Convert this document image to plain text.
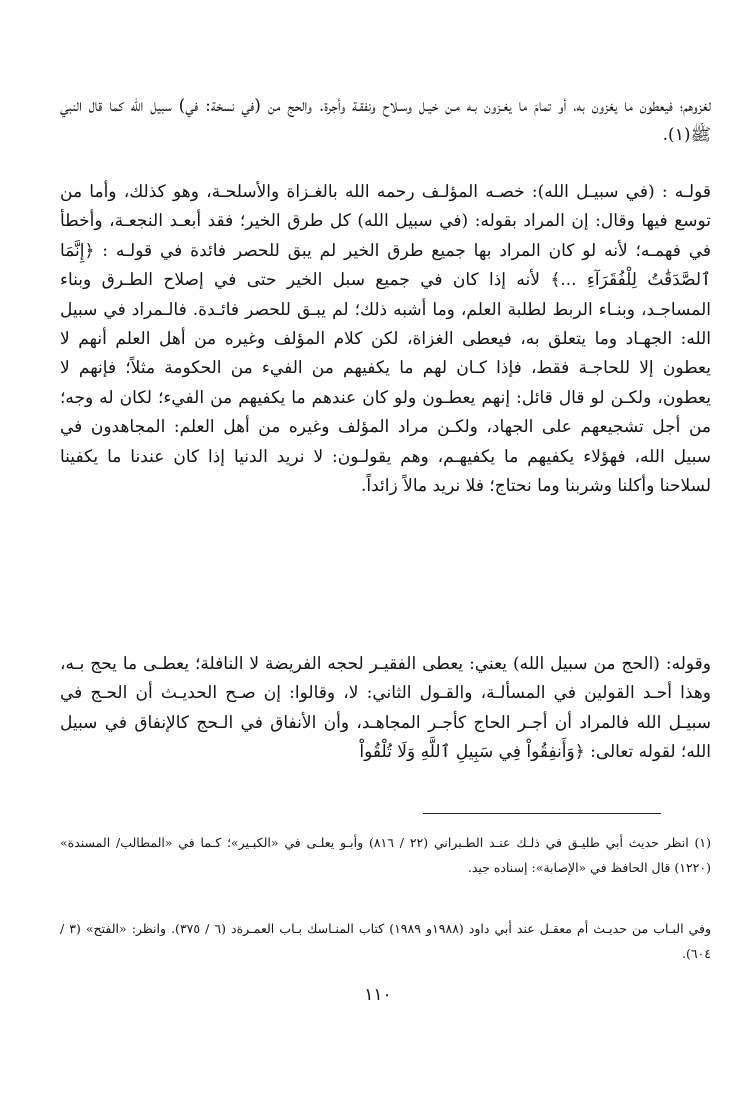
لغزوهم؛ فيعطون ما يغزون به، أو تمامَ ما يغـزون بـه مـن خيـل وسـلاح ونفقـة وأجرة. والحج من (في نسخة: في) سبيل الله كما قال النبي ﷺ(١).

قولـه : (في سبيـل الله): خصـه المؤلـف رحمه الله بالغـزاة والأسلحـة، وهو كذلك، وأما من توسع فيها وقال: إن المراد بقوله: (في سبيل الله) كل طرق الخير؛ فقد أبعـد النجعـة، وأخطأ في فهمـه؛ لأنه لو كان المراد بها جميع طرق الخير لم يبق للحصر فائدة في قولـه : ﴿إِنَّمَا ٱلصَّدَقَٰتُ لِلْفُقَرَآءِ ...﴾ لأنه إذا كان في جميع سبل الخير حتى في إصلاح الطـرق وبناء المساجـد، وبنـاء الربط لطلبة العلم، وما أشبه ذلك؛ لم يبـق للحصر فائـدة. فالـمراد في سبيل الله: الجهـاد وما يتعلق به، فيعطى الغزاة، لكن كلام المؤلف وغيره من أهل العلم أنهم لا يعطون إلا للحاجـة فقط، فإذا كـان لهم ما يكفيهم من الفيء من الحكومة مثلاً؛ فإنهم لا يعطون، ولكـن لو قال قائل: إنهم يعطـون ولو كان عندهم ما يكفيهم من الفيء؛ لكان له وجه؛ من أجل تشجيعهم على الجهاد، ولكـن مراد المؤلف وغيره من أهل العلم: المجاهدون في سبيل الله، فهؤلاء يكفيهم ما يكفيهـم، وهم يقولـون: لا نريد الدنيا إذا كان عندنا ما يكفينا لسلاحنا وأكلنا وشربنا وما نحتاج؛ فلا نريد مالاً زائداً.

وقوله: (الحج من سبيل الله) يعني: يعطى الفقيـر لحجه الفريضة لا النافلة؛ يعطـى ما يحج بـه، وهذا أحـد القولين في المسألـة، والقـول الثاني: لا، وقالوا: إن صـح الحديـث أن الحـج في سبيـل الله فالمراد أن أجـر الحاج كأجـر المجاهـد، وأن الأنفاق في الـحج كالإنفاق في سبيل الله؛ لقوله تعالى: ﴿وَأَنفِقُواْ فِي سَبِيلِ ٱللَّهِ وَلَا تُلْقُواْ

(١) انظر حديث أبي طليـق في ذلـك عنـد الطـبراني (٢٢ / ٨١٦) وأبـو يعلـى في «الكبـير»؛ كـما في «المطالب/ المسندة» (١٢٢٠) قال الحافظ في «الإصابة»: إسناده جيد.

وفي البـاب من حديـث أم معقـل عند أبي داود (١٩٨٨و ١٩٨٩) كتاب المنـاسك بـاب العمـرةد (٦ / ٣٧٥). وانظر: «الفتح» (٣ / ٦٠٤).

١١٠
